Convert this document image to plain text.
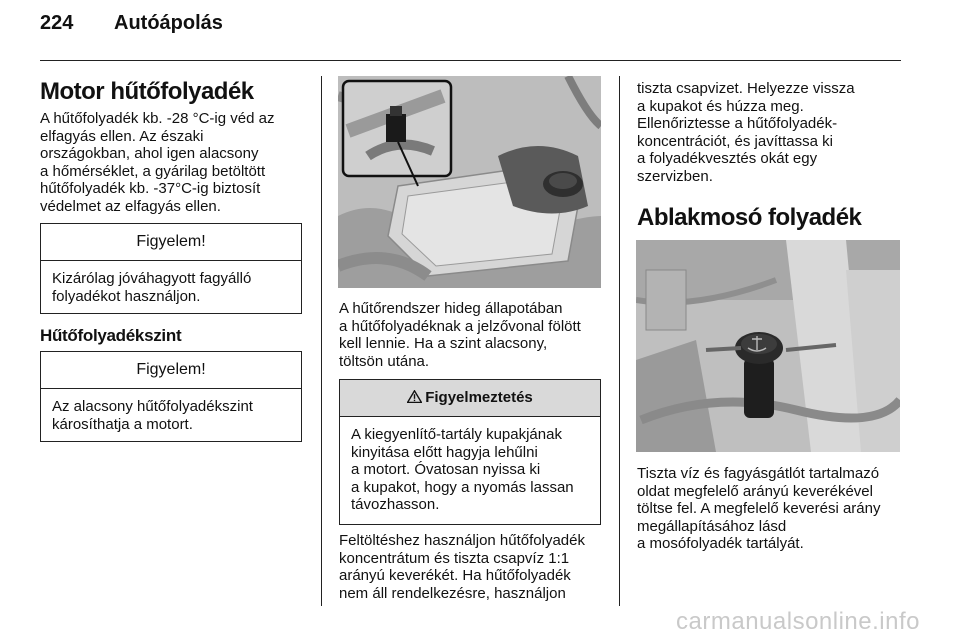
224 Autóápolás
Motor hűtőfolyadék
A hűtőfolyadék kb. -28 °C-ig véd az
elfagyás ellen. Az északi
országokban, ahol igen alacsony
a hőmérséklet, a gyárilag betöltött
hűtőfolyadék kb. -37°C-ig biztosít
védelmet az elfagyás ellen.
Figyelem!
Kizárólag jóváhagyott fagyálló
folyadékot használjon.
Hűtőfolyadékszint
Figyelem!
Az alacsony hűtőfolyadékszint
károsíthatja a motort.
A hűtőrendszer hideg állapotában
a hűtőfolyadéknak a jelzővonal fölött
kell lennie. Ha a szint alacsony,
töltsön utána.
Figyelmeztetés
A kiegyenlítő-tartály kupakjának
kinyitása előtt hagyja lehűlni
a motort. Óvatosan nyissa ki
a kupakot, hogy a nyomás lassan
távozhasson.
Feltöltéshez használjon hűtőfolyadék
koncentrátum és tiszta csapvíz 1:1
arányú keverékét. Ha hűtőfolyadék
nem áll rendelkezésre, használjon
tiszta csapvizet. Helyezze vissza
a kupakot és húzza meg.
Ellenőriztesse a hűtőfolyadék-
koncentrációt, és javíttassa ki
a folyadékvesztés okát egy
szervizben.
Ablakmosó folyadék
Tiszta víz és fagyásgátlót tartalmazó
oldat megfelelő arányú keverékével
töltse fel. A megfelelő keverési arány
megállapításához lásd
a mosófolyadék tartályát.
carmanualsonline.info
